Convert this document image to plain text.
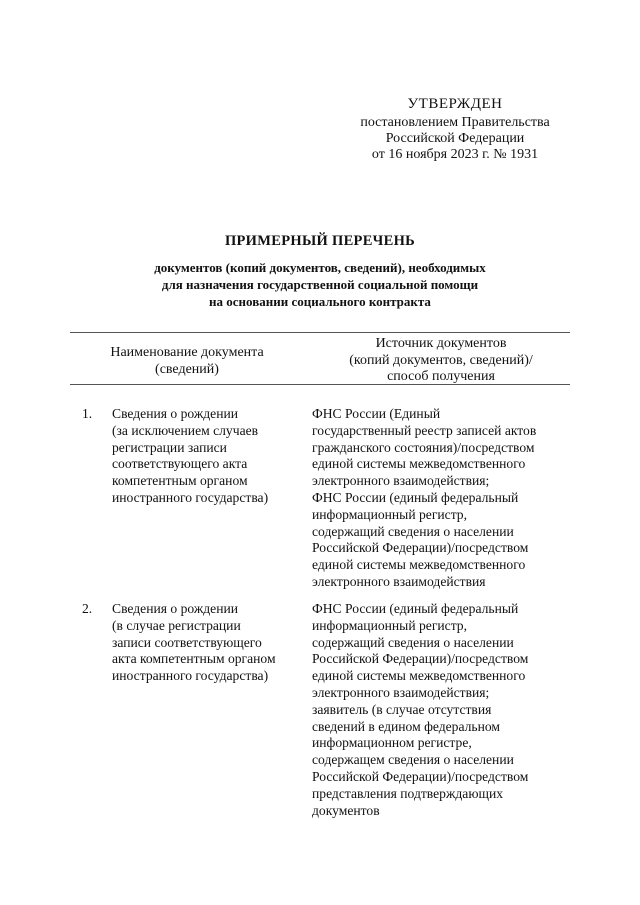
УТВЕРЖДЕН
постановлением Правительства
Российской Федерации
от 16 ноября 2023 г. № 1931
ПРИМЕРНЫЙ ПЕРЕЧЕНЬ
документов (копий документов, сведений), необходимых
для назначения государственной социальной помощи
на основании социального контракта
Наименование документа
(сведений)
Источник документов
(копий документов, сведений)/
способ получения
1. Сведения о рождении
(за исключением случаев
регистрации записи
соответствующего акта
компетентным органом
иностранного государства)
ФНС России (Единый
государственный реестр записей актов
гражданского состояния)/посредством
единой системы межведомственного
электронного взаимодействия;
ФНС России (единый федеральный
информационный регистр,
содержащий сведения о населении
Российской Федерации)/посредством
единой системы межведомственного
электронного взаимодействия
2. Сведения о рождении
(в случае регистрации
записи соответствующего
акта компетентным органом
иностранного государства)
ФНС России (единый федеральный
информационный регистр,
содержащий сведения о населении
Российской Федерации)/посредством
единой системы межведомственного
электронного взаимодействия;
заявитель (в случае отсутствия
сведений в едином федеральном
информационном регистре,
содержащем сведения о населении
Российской Федерации)/посредством
представления подтверждающих
документов
